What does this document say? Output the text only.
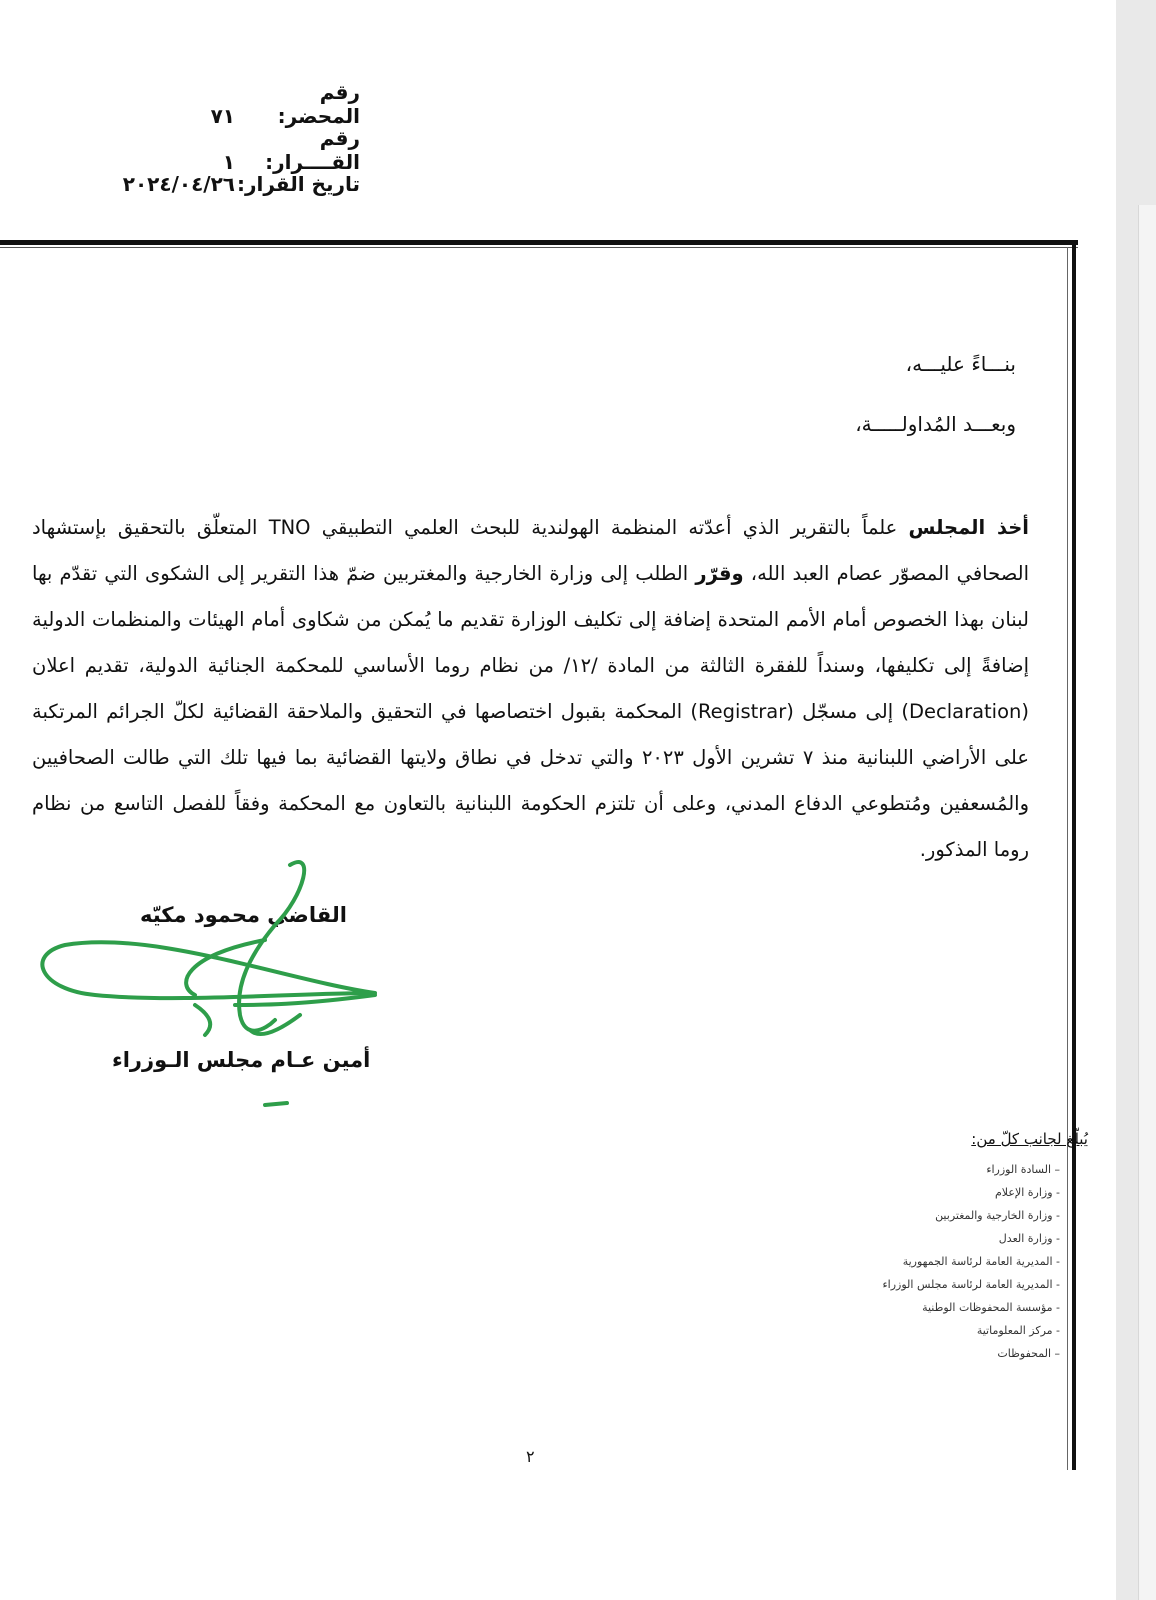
رقم المحضر:٧١
رقم القــــرار:١
تاريخ القرار:٢٠٢٤/٠٤/٢٦
بنـــاءً عليـــه،
وبعـــد المُداولـــــة،
أخذ المجلس علماً بالتقرير الذي أعدّته المنظمة الهولندية للبحث العلمي التطبيقي TNO المتعلّق بالتحقيق بإستشهاد الصحافي المصوّر عصام العبد الله، وقرّر الطلب إلى وزارة الخارجية والمغتربين ضمّ هذا التقرير إلى الشكوى التي تقدّم بها لبنان بهذا الخصوص أمام الأمم المتحدة إضافة إلى تكليف الوزارة تقديم ما يُمكن من شكاوى أمام الهيئات والمنظمات الدولية إضافةً إلى تكليفها، وسنداً للفقرة الثالثة من المادة /١٢/ من نظام روما الأساسي للمحكمة الجنائية الدولية، تقديم اعلان (Declaration) إلى مسجّل (Registrar) المحكمة بقبول اختصاصها في التحقيق والملاحقة القضائية لكلّ الجرائم المرتكبة على الأراضي اللبنانية منذ ٧ تشرين الأول ٢٠٢٣ والتي تدخل في نطاق ولايتها القضائية بما فيها تلك التي طالت الصحافيين والمُسعفين ومُتطوعي الدفاع المدني، وعلى أن تلتزم الحكومة اللبنانية بالتعاون مع المحكمة وفقاً للفصل التاسع من نظام روما المذكور.
القاضي محمود مكيّه
أمين عـام مجلس الـوزراء
يُبلّغ لجانب كلّ من:
– السادة الوزراء
- وزارة الإعلام
- وزارة الخارجية والمغتربين
- وزارة العدل
- المديرية العامة لرئاسة الجمهورية
- المديرية العامة لرئاسة مجلس الوزراء
- مؤسسة المحفوظات الوطنية
- مركز المعلوماتية
– المحفوظات
٢
